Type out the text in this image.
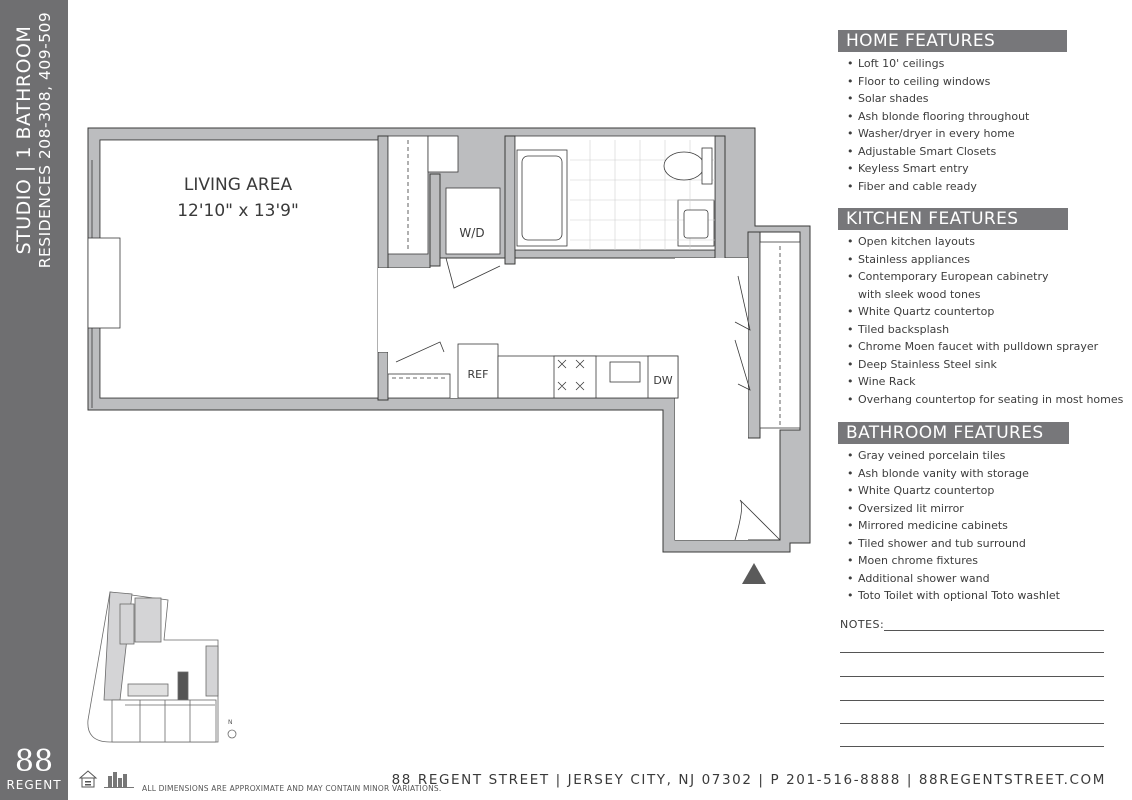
STUDIO | 1 BATHROOM RESIDENCES 208-308, 409-509
88
REGENT
LIVING AREA
12'10" x 13'9"
W/D
REF	DW
N
HOME FEATURES
• Loft 10' ceilings
• Floor to ceiling windows
• Solar shades
• Ash blonde flooring throughout
• Washer/dryer in every home
• Adjustable Smart Closets
• Keyless Smart entry
• Fiber and cable ready
KITCHEN FEATURES
• Open kitchen layouts
• Stainless appliances
• Contemporary European cabinetry
with sleek wood tones
• White Quartz countertop
• Tiled backsplash
• Chrome Moen faucet with pulldown sprayer
• Deep Stainless Steel sink
• Wine Rack
• Overhang countertop for seating in most homes
BATHROOM FEATURES
• Gray veined porcelain tiles
• Ash blonde vanity with storage
• White Quartz countertop
• Oversized lit mirror
• Mirrored medicine cabinets
• Tiled shower and tub surround
• Moen chrome fixtures
• Additional shower wand
• Toto Toilet with optional Toto washlet
NOTES:
88 REGENT STREET | JERSEY CITY, NJ 07302 | P 201-516-8888 | 88REGENTSTREET.COM
ALL DIMENSIONS ARE APPROXIMATE AND MAY CONTAIN MINOR VARIATIONS.
